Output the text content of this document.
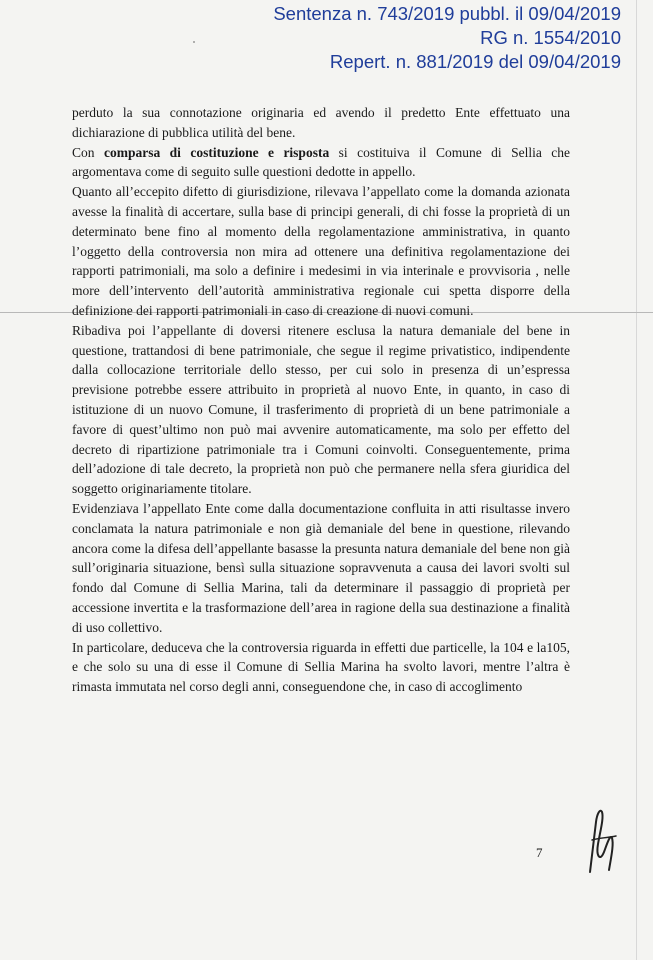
Sentenza n. 743/2019 pubbl. il 09/04/2019
RG n. 1554/2010
Repert. n. 881/2019 del 09/04/2019

perduto la sua connotazione originaria ed avendo il predetto Ente effettuato una dichiarazione di pubblica utilità del bene.

Con comparsa di costituzione e risposta si costituiva il Comune di Sellia che argomentava come di seguito sulle questioni dedotte in appello.

Quanto all’eccepito difetto di giurisdizione, rilevava l’appellato come la domanda azionata avesse la finalità di accertare, sulla base di principi generali, di chi fosse la proprietà di un determinato bene fino al momento della regolamentazione amministrativa, in quanto l’oggetto della controversia non mira ad ottenere una definitiva regolamentazione dei rapporti patrimoniali, ma solo a definire i medesimi in via interinale e provvisoria , nelle more dell’intervento dell’autorità amministrativa regionale cui spetta disporre della definizione dei rapporti patrimoniali in caso di creazione di nuovi comuni.

Ribadiva poi l’appellante di doversi ritenere esclusa la natura demaniale del bene in questione, trattandosi di bene patrimoniale, che segue il regime privatistico, indipendente dalla collocazione territoriale dello stesso, per cui solo in presenza di un’espressa previsione potrebbe essere attribuito in proprietà al nuovo Ente, in quanto, in caso di istituzione di un nuovo Comune, il trasferimento di proprietà di un bene patrimoniale a favore di quest’ultimo non può mai avvenire automaticamente, ma solo per effetto del decreto di ripartizione patrimoniale tra i Comuni coinvolti. Conseguentemente, prima dell’adozione di tale decreto, la proprietà non può che permanere nella sfera giuridica del soggetto originariamente titolare.

Evidenziava l’appellato Ente come dalla documentazione confluita in atti risultasse invero conclamata la natura patrimoniale e non già demaniale del bene in questione, rilevando ancora come la difesa dell’appellante basasse la presunta natura demaniale del bene non già sull’originaria situazione, bensì sulla situazione sopravvenuta a causa dei lavori svolti sul fondo dal Comune di Sellia Marina, tali da determinare il passaggio di proprietà per accessione invertita e la trasformazione dell’area in ragione della sua destinazione a finalità di uso collettivo.

In particolare, deduceva che la controversia riguarda in effetti due particelle, la 104 e la105, e che solo su una di esse il Comune di Sellia Marina ha svolto lavori, mentre l’altra è rimasta immutata nel corso degli anni, conseguendone che, in caso di accoglimento

7
